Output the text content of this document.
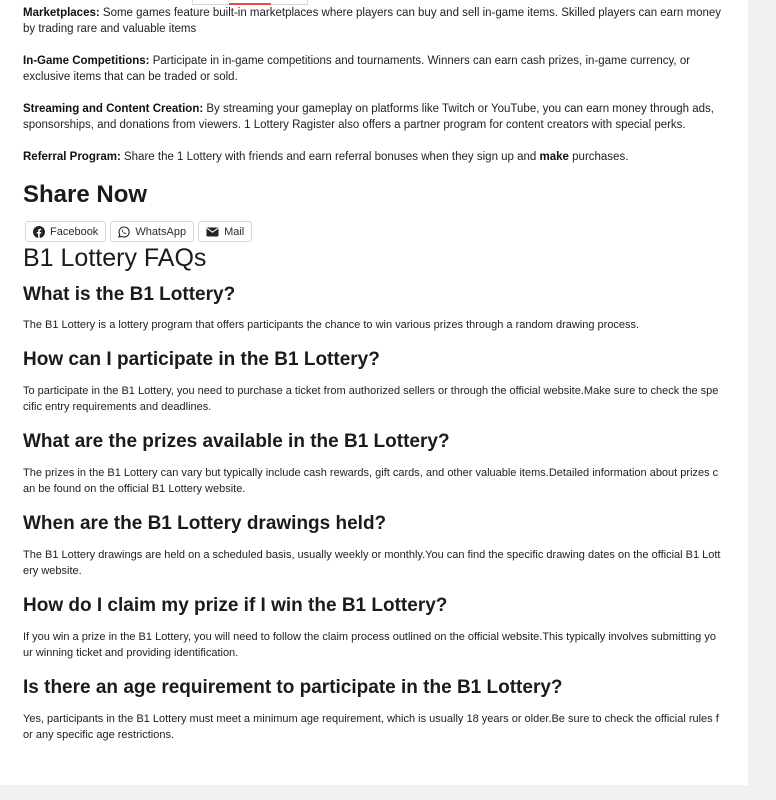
Marketplaces: Some games feature built-in marketplaces where players can buy and sell in-game items. Skilled players can earn money by trading rare and valuable items

In-Game Competitions: Participate in in-game competitions and tournaments. Winners can earn cash prizes, in-game currency, or exclusive items that can be traded or sold.

Streaming and Content Creation: By streaming your gameplay on platforms like Twitch or YouTube, you can earn money through ads, sponsorships, and donations from viewers. 1 Lottery Ragister also offers a partner program for content creators with special perks.

Referral Program: Share the 1 Lottery with friends and earn referral bonuses when they sign up and make purchases.

Share Now
Facebook	WhatsApp	Mail
B1 Lottery FAQs
What is the B1 Lottery?

The B1 Lottery is a lottery program that offers participants the chance to win various prizes through a random drawing process.

How can I participate in the B1 Lottery?

To participate in the B1 Lottery, you need to purchase a ticket from authorized sellers or through the official website.Make sure to check the specific entry requirements and deadlines.

What are the prizes available in the B1 Lottery?

The prizes in the B1 Lottery can vary but typically include cash rewards, gift cards, and other valuable items.Detailed information about prizes can be found on the official B1 Lottery website.

When are the B1 Lottery drawings held?

The B1 Lottery drawings are held on a scheduled basis, usually weekly or monthly.You can find the specific drawing dates on the official B1 Lottery website.

How do I claim my prize if I win the B1 Lottery?

If you win a prize in the B1 Lottery, you will need to follow the claim process outlined on the official website.This typically involves submitting your winning ticket and providing identification.

Is there an age requirement to participate in the B1 Lottery?

Yes, participants in the B1 Lottery must meet a minimum age requirement, which is usually 18 years or older.Be sure to check the official rules for any specific age restrictions.
